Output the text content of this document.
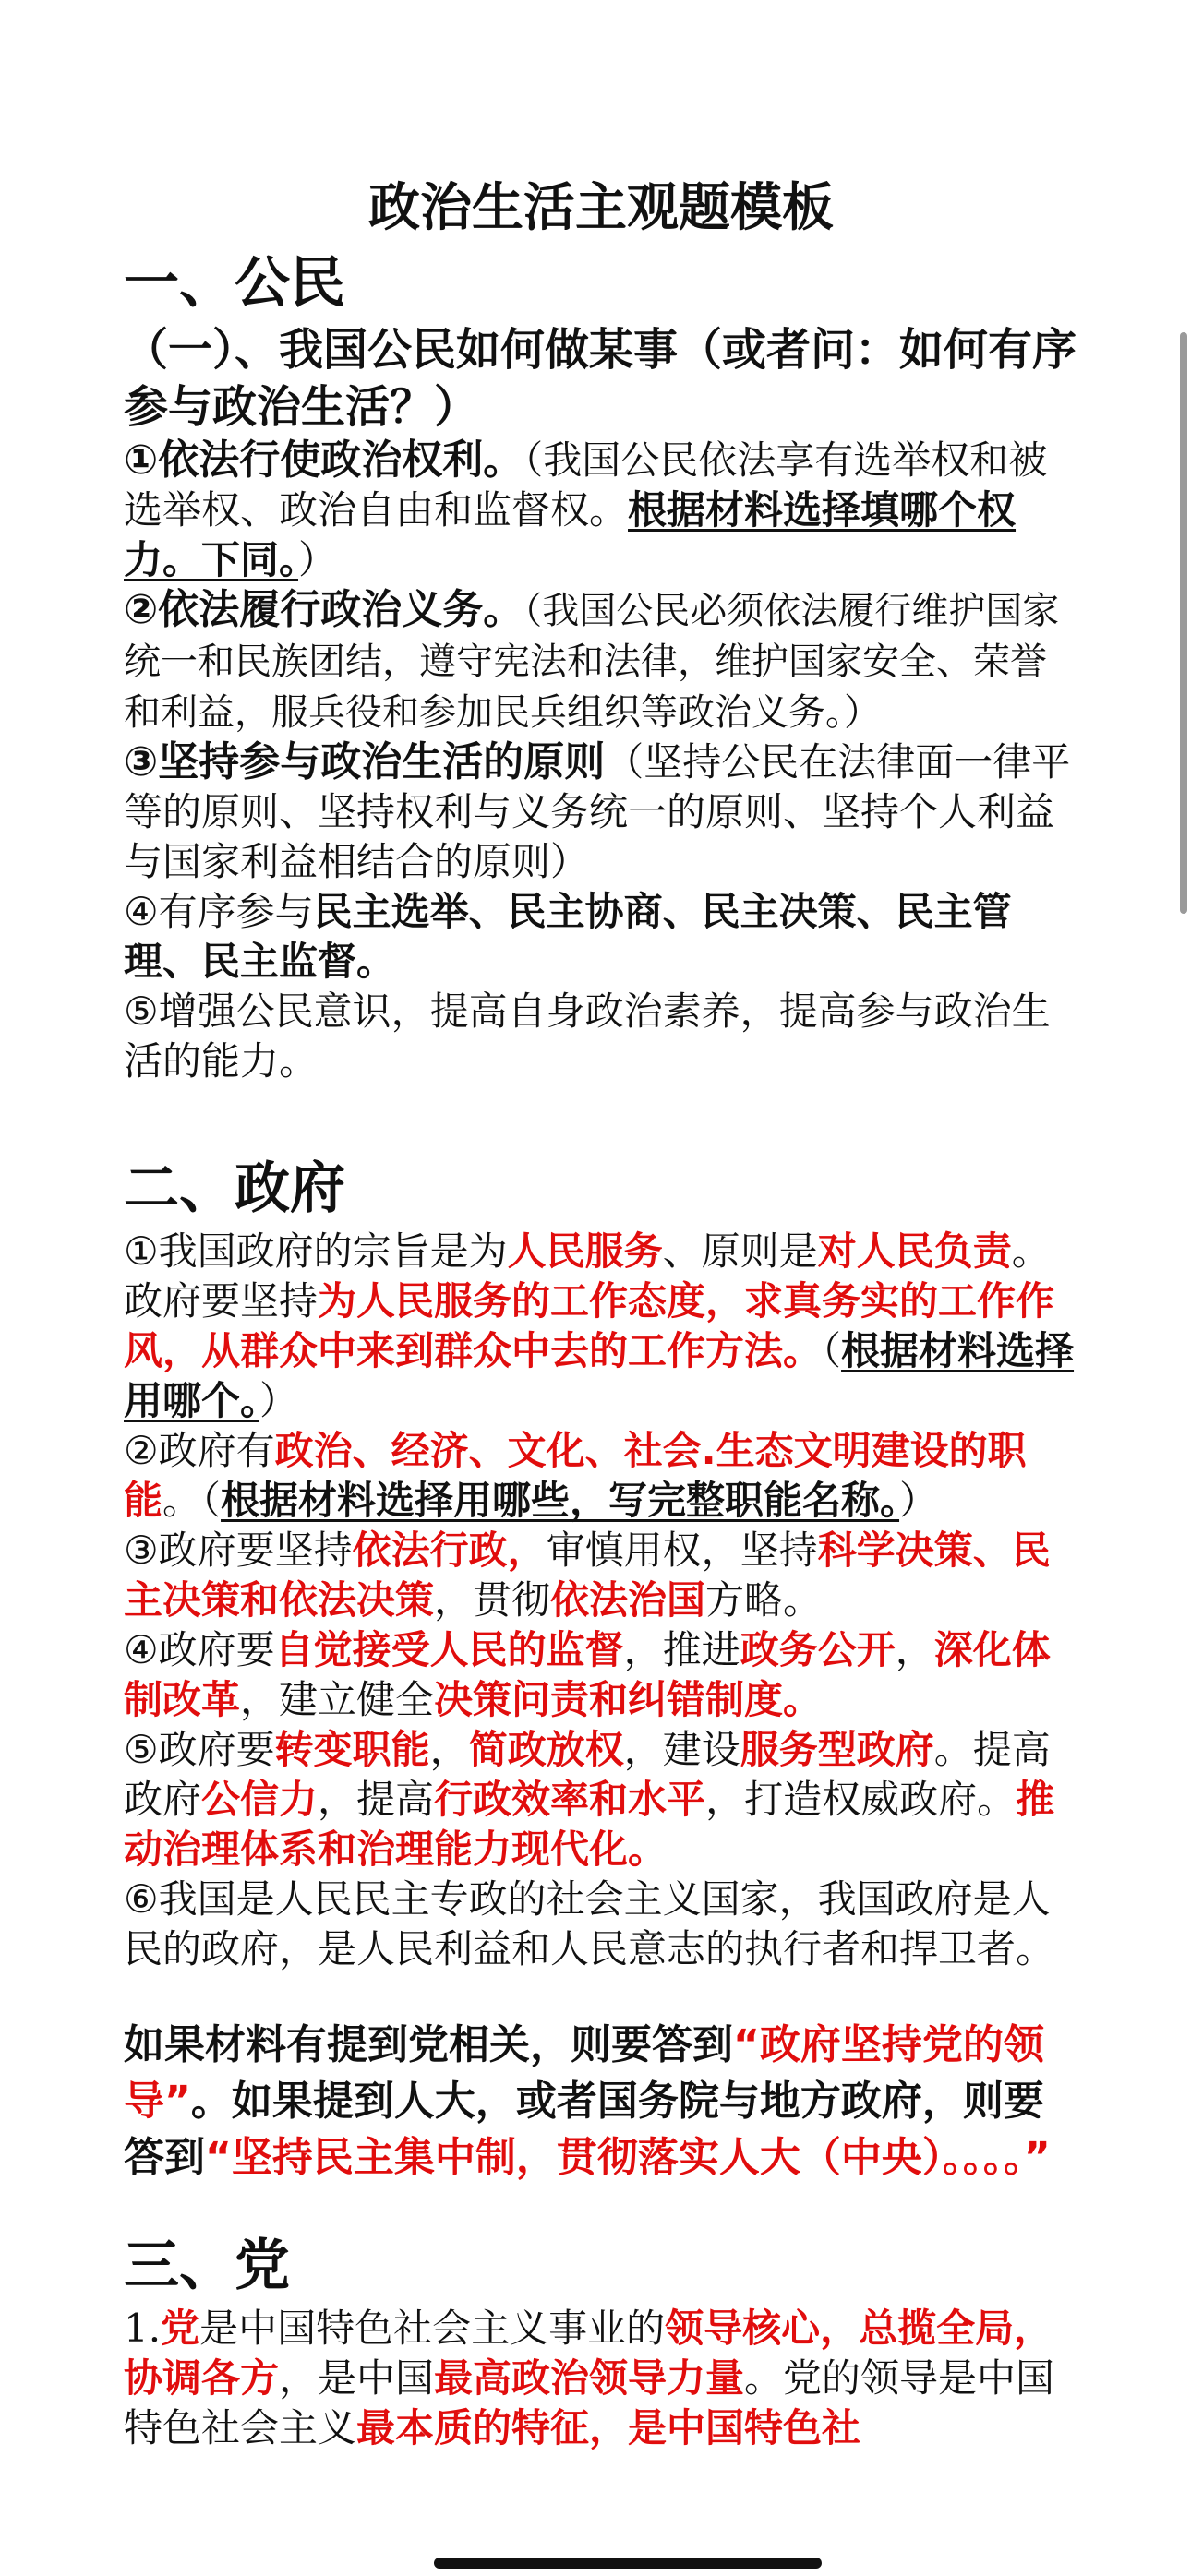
政治生活主观题模板

一、公民

（一）、我国公民如何做某事（或者问：如何有序参与政治生活？）

①依法行使政治权利。（我国公民依法享有选举权和被选举权、政治自由和监督权。根据材料选择填哪个权力。下同。）

②依法履行政治义务。（我国公民必须依法履行维护国家统一和民族团结，遵守宪法和法律，维护国家安全、荣誉和利益，服兵役和参加民兵组织等政治义务。）

③坚持参与政治生活的原则（坚持公民在法律面一律平等的原则、坚持权利与义务统一的原则、坚持个人利益与国家利益相结合的原则）

④有序参与民主选举、民主协商、民主决策、民主管理、民主监督。

⑤增强公民意识，提高自身政治素养，提高参与政治生活的能力。

二、政府

①我国政府的宗旨是为人民服务、原则是对人民负责。政府要坚持为人民服务的工作态度，求真务实的工作作风，从群众中来到群众中去的工作方法。（根据材料选择用哪个。）

②政府有政治、经济、文化、社会.生态文明建设的职能。（根据材料选择用哪些，写完整职能名称。）

③政府要坚持依法行政，审慎用权，坚持科学决策、民主决策和依法决策，贯彻依法治国方略。

④政府要自觉接受人民的监督，推进政务公开，深化体制改革，建立健全决策问责和纠错制度。

⑤政府要转变职能，简政放权，建设服务型政府。提高政府公信力，提高行政效率和水平，打造权威政府。推动治理体系和治理能力现代化。

⑥我国是人民民主专政的社会主义国家，我国政府是人民的政府，是人民利益和人民意志的执行者和捍卫者。

如果材料有提到党相关，则要答到“政府坚持党的领导”。如果提到人大，或者国务院与地方政府，则要答到“坚持民主集中制，贯彻落实人大（中央）。。。。”

三、党

1.党是中国特色社会主义事业的领导核心，总揽全局，协调各方，是中国最高政治领导力量。党的领导是中国特色社会主义最本质的特征，是中国特色社
